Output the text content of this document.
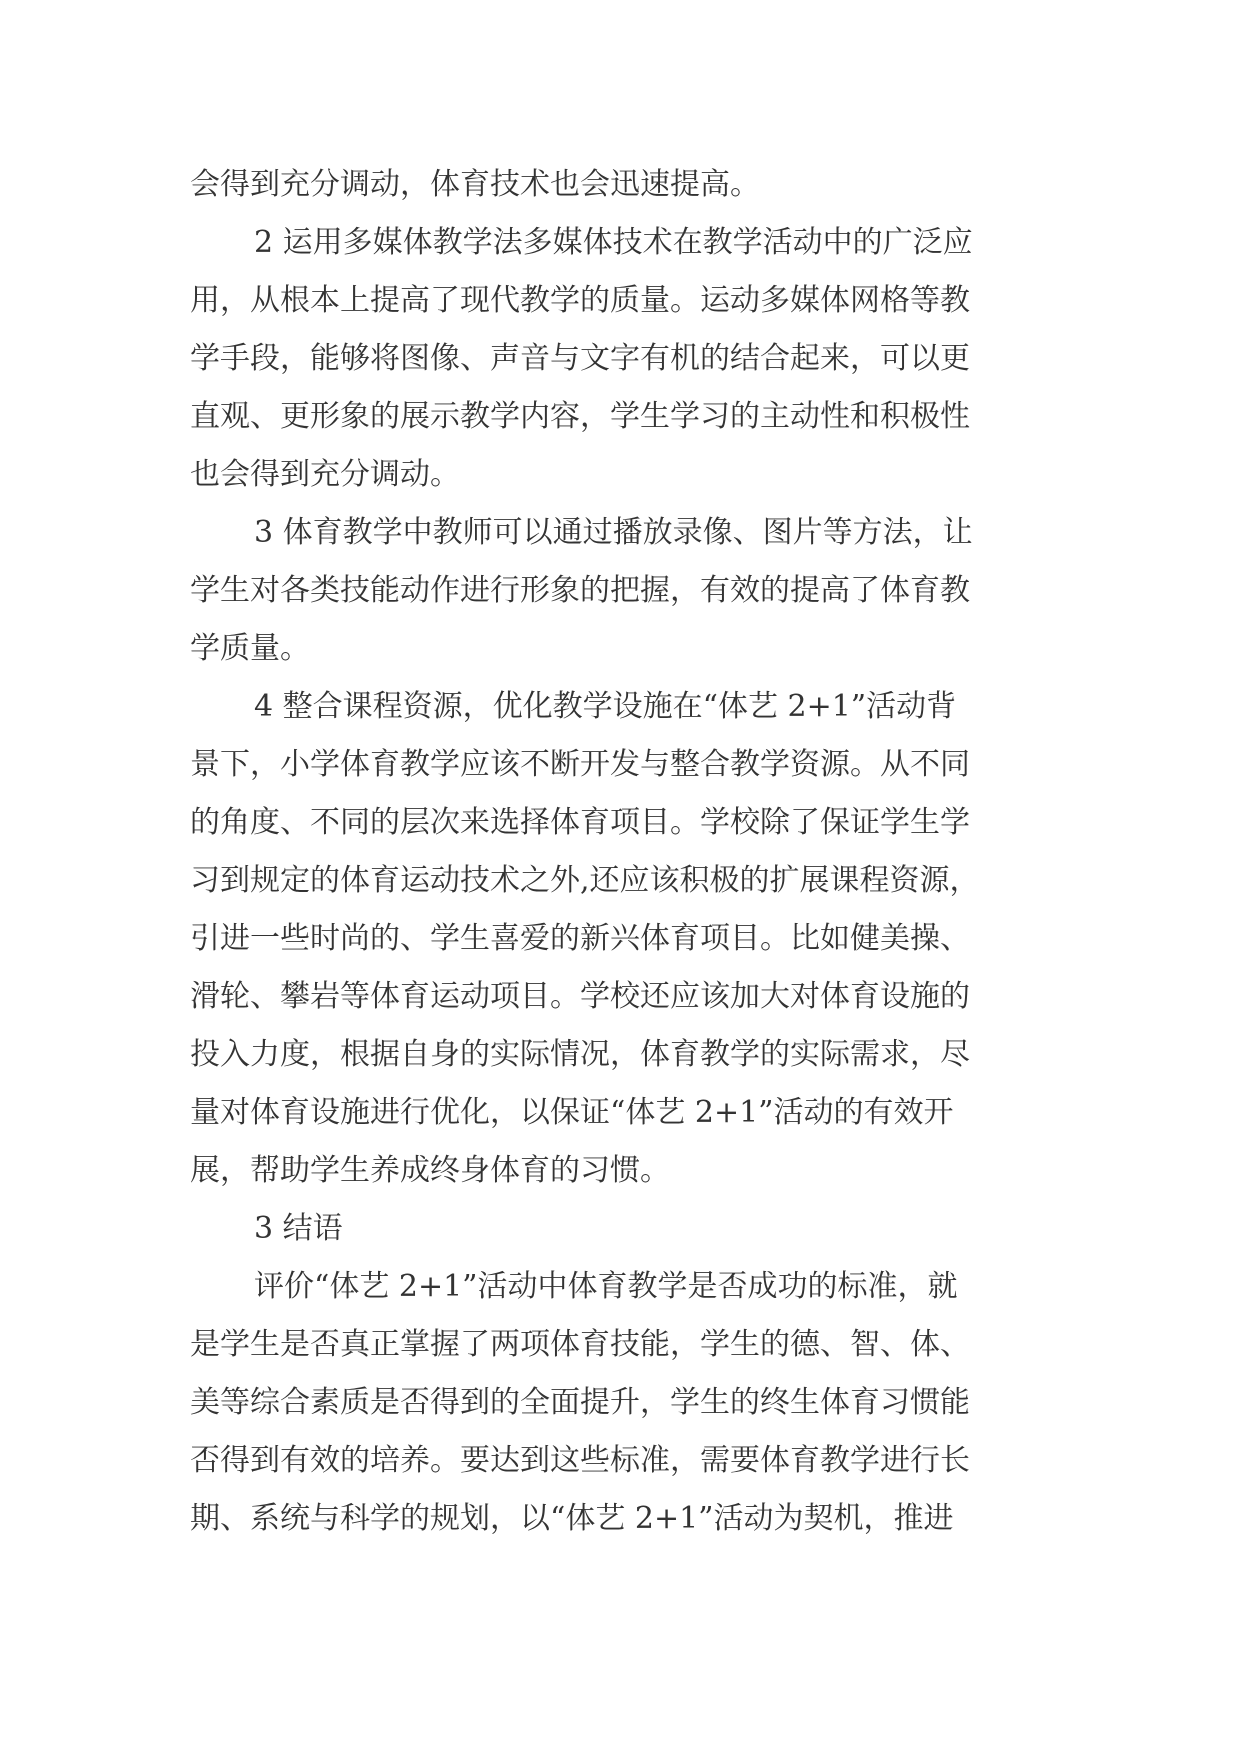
会得到充分调动，体育技术也会迅速提高。
2 运用多媒体教学法多媒体技术在教学活动中的广泛应
用，从根本上提高了现代教学的质量。运动多媒体网格等教
学手段，能够将图像、声音与文字有机的结合起来，可以更
直观、更形象的展示教学内容，学生学习的主动性和积极性
也会得到充分调动。
3 体育教学中教师可以通过播放录像、图片等方法，让
学生对各类技能动作进行形象的把握，有效的提高了体育教
学质量。
4 整合课程资源，优化教学设施在“体艺 2+1”活动背
景下，小学体育教学应该不断开发与整合教学资源。从不同
的角度、不同的层次来选择体育项目。学校除了保证学生学
习到规定的体育运动技术之外,还应该积极的扩展课程资源，
引进一些时尚的、学生喜爱的新兴体育项目。比如健美操、
滑轮、攀岩等体育运动项目。学校还应该加大对体育设施的
投入力度，根据自身的实际情况，体育教学的实际需求，尽
量对体育设施进行优化，以保证“体艺 2+1”活动的有效开
展，帮助学生养成终身体育的习惯。
3 结语
评价“体艺 2+1”活动中体育教学是否成功的标准，就
是学生是否真正掌握了两项体育技能，学生的德、智、体、
美等综合素质是否得到的全面提升，学生的终生体育习惯能
否得到有效的培养。要达到这些标准，需要体育教学进行长
期、系统与科学的规划，以“体艺 2+1”活动为契机，推进
